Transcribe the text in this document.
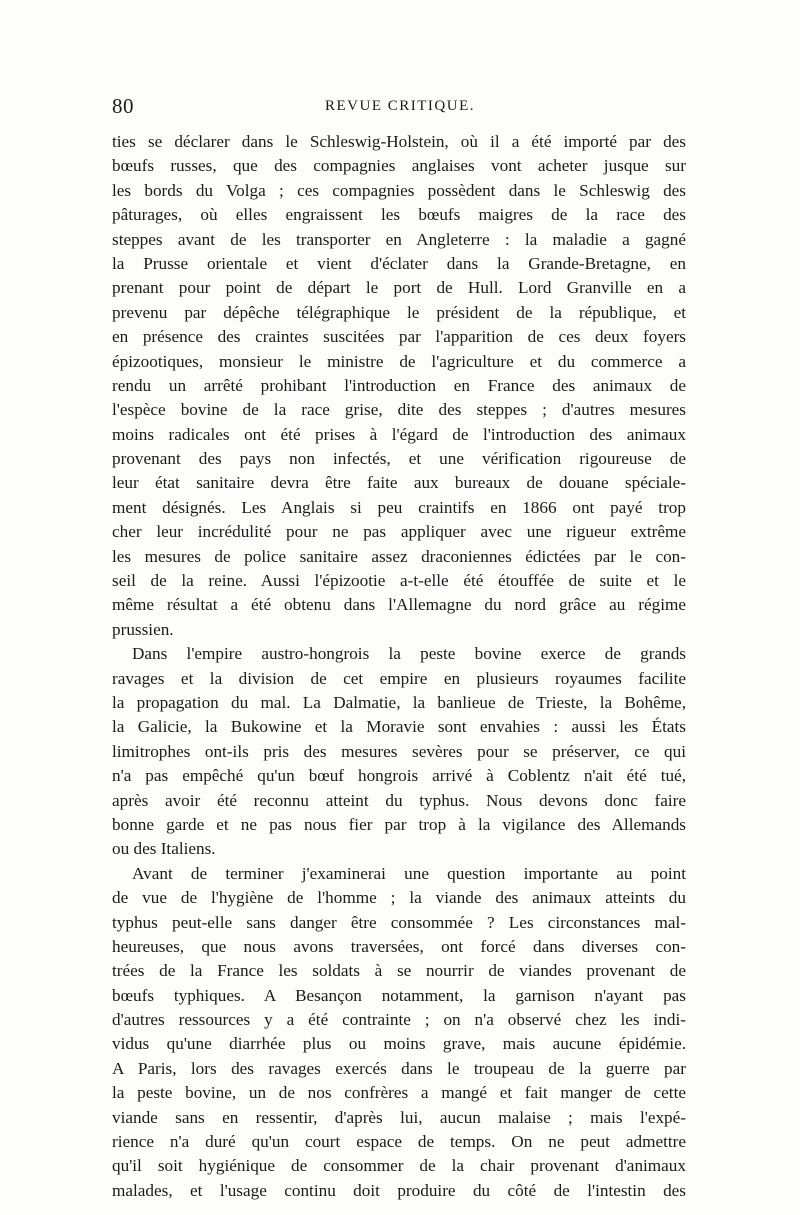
80	REVUE CRITIQUE.
ties se déclarer dans le Schleswig-Holstein, où il a été importé par des
bœufs russes, que des compagnies anglaises vont acheter jusque sur
les bords du Volga ; ces compagnies possèdent dans le Schleswig des
pâturages, où elles engraissent les bœufs maigres de la race des
steppes avant de les transporter en Angleterre : la maladie a gagné
la Prusse orientale et vient d'éclater dans la Grande-Bretagne, en
prenant pour point de départ le port de Hull. Lord Granville en a
prevenu par dépêche télégraphique le président de la république, et
en présence des craintes suscitées par l'apparition de ces deux foyers
épizootiques, monsieur le ministre de l'agriculture et du commerce a
rendu un arrêté prohibant l'introduction en France des animaux de
l'espèce bovine de la race grise, dite des steppes ; d'autres mesures
moins radicales ont été prises à l'égard de l'introduction des animaux
provenant des pays non infectés, et une vérification rigoureuse de
leur état sanitaire devra être faite aux bureaux de douane spéciale-
ment désignés. Les Anglais si peu craintifs en 1866 ont payé trop
cher leur incrédulité pour ne pas appliquer avec une rigueur extrême
les mesures de police sanitaire assez draconiennes édictées par le con-
seil de la reine. Aussi l'épizootie a-t-elle été étouffée de suite et le
même résultat a été obtenu dans l'Allemagne du nord grâce au régime
prussien.
Dans l'empire austro-hongrois la peste bovine exerce de grands
ravages et la division de cet empire en plusieurs royaumes facilite
la propagation du mal. La Dalmatie, la banlieue de Trieste, la Bohême,
la Galicie, la Bukowine et la Moravie sont envahies : aussi les États
limitrophes ont-ils pris des mesures sevères pour se préserver, ce qui
n'a pas empêché qu'un bœuf hongrois arrivé à Coblentz n'ait été tué,
après avoir été reconnu atteint du typhus. Nous devons donc faire
bonne garde et ne pas nous fier par trop à la vigilance des Allemands
ou des Italiens.
Avant de terminer j'examinerai une question importante au point
de vue de l'hygiène de l'homme ; la viande des animaux atteints du
typhus peut-elle sans danger être consommée ? Les circonstances mal-
heureuses, que nous avons traversées, ont forcé dans diverses con-
trées de la France les soldats à se nourrir de viandes provenant de
bœufs typhiques. A Besançon notamment, la garnison n'ayant pas
d'autres ressources y a été contrainte ; on n'a observé chez les indi-
vidus qu'une diarrhée plus ou moins grave, mais aucune épidémie.
A Paris, lors des ravages exercés dans le troupeau de la guerre par
la peste bovine, un de nos confrères a mangé et fait manger de cette
viande sans en ressentir, d'après lui, aucun malaise ; mais l'expé-
rience n'a duré qu'un court espace de temps. On ne peut admettre
qu'il soit hygiénique de consommer de la chair provenant d'animaux
malades, et l'usage continu doit produire du côté de l'intestin des
